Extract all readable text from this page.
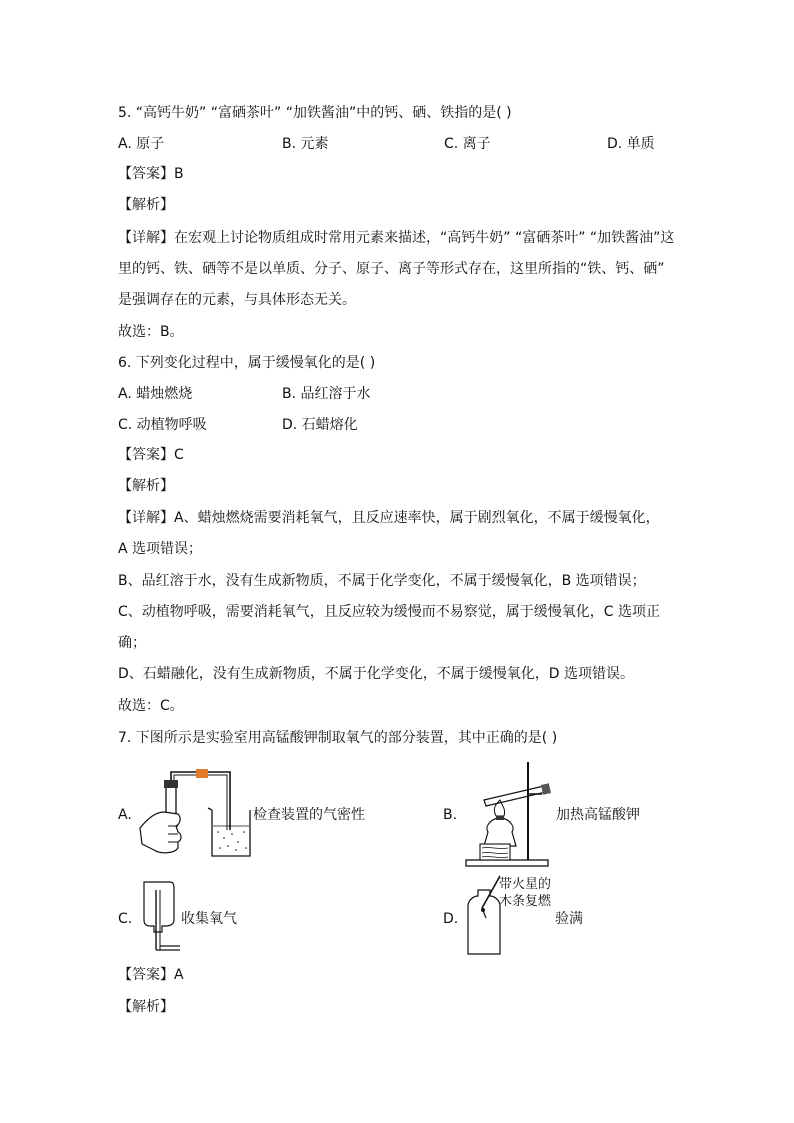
5. “高钙牛奶” “富硒茶叶” “加铁酱油”中的钙、硒、铁指的是( )
A. 原子	B. 元素	C. 离子	D. 单质
【答案】B
【解析】
【详解】在宏观上讨论物质组成时常用元素来描述，“高钙牛奶” “富硒茶叶” “加铁酱油”这
里的钙、铁、硒等不是以单质、分子、原子、离子等形式存在，这里所指的“铁、钙、硒”
是强调存在的元素，与具体形态无关。
故选：B。
6. 下列变化过程中，属于缓慢氧化的是( )
A. 蜡烛燃烧	B. 品红溶于水
C. 动植物呼吸	D. 石蜡熔化
【答案】C
【解析】
【详解】A、蜡烛燃烧需要消耗氧气，且反应速率快，属于剧烈氧化，不属于缓慢氧化，
A 选项错误；
B、品红溶于水，没有生成新物质，不属于化学变化，不属于缓慢氧化，B 选项错误；
C、动植物呼吸，需要消耗氧气，且反应较为缓慢而不易察觉，属于缓慢氧化，C 选项正
确；
D、石蜡融化，没有生成新物质，不属于化学变化，不属于缓慢氧化，D 选项错误。
故选：C。
7. 下图所示是实验室用高锰酸钾制取氧气的部分装置，其中正确的是( )
A.	检查装置的气密性	B.	加热高锰酸钾
C.	收集氧气	D.
带火星的
木条复燃
验满
【答案】A
【解析】
